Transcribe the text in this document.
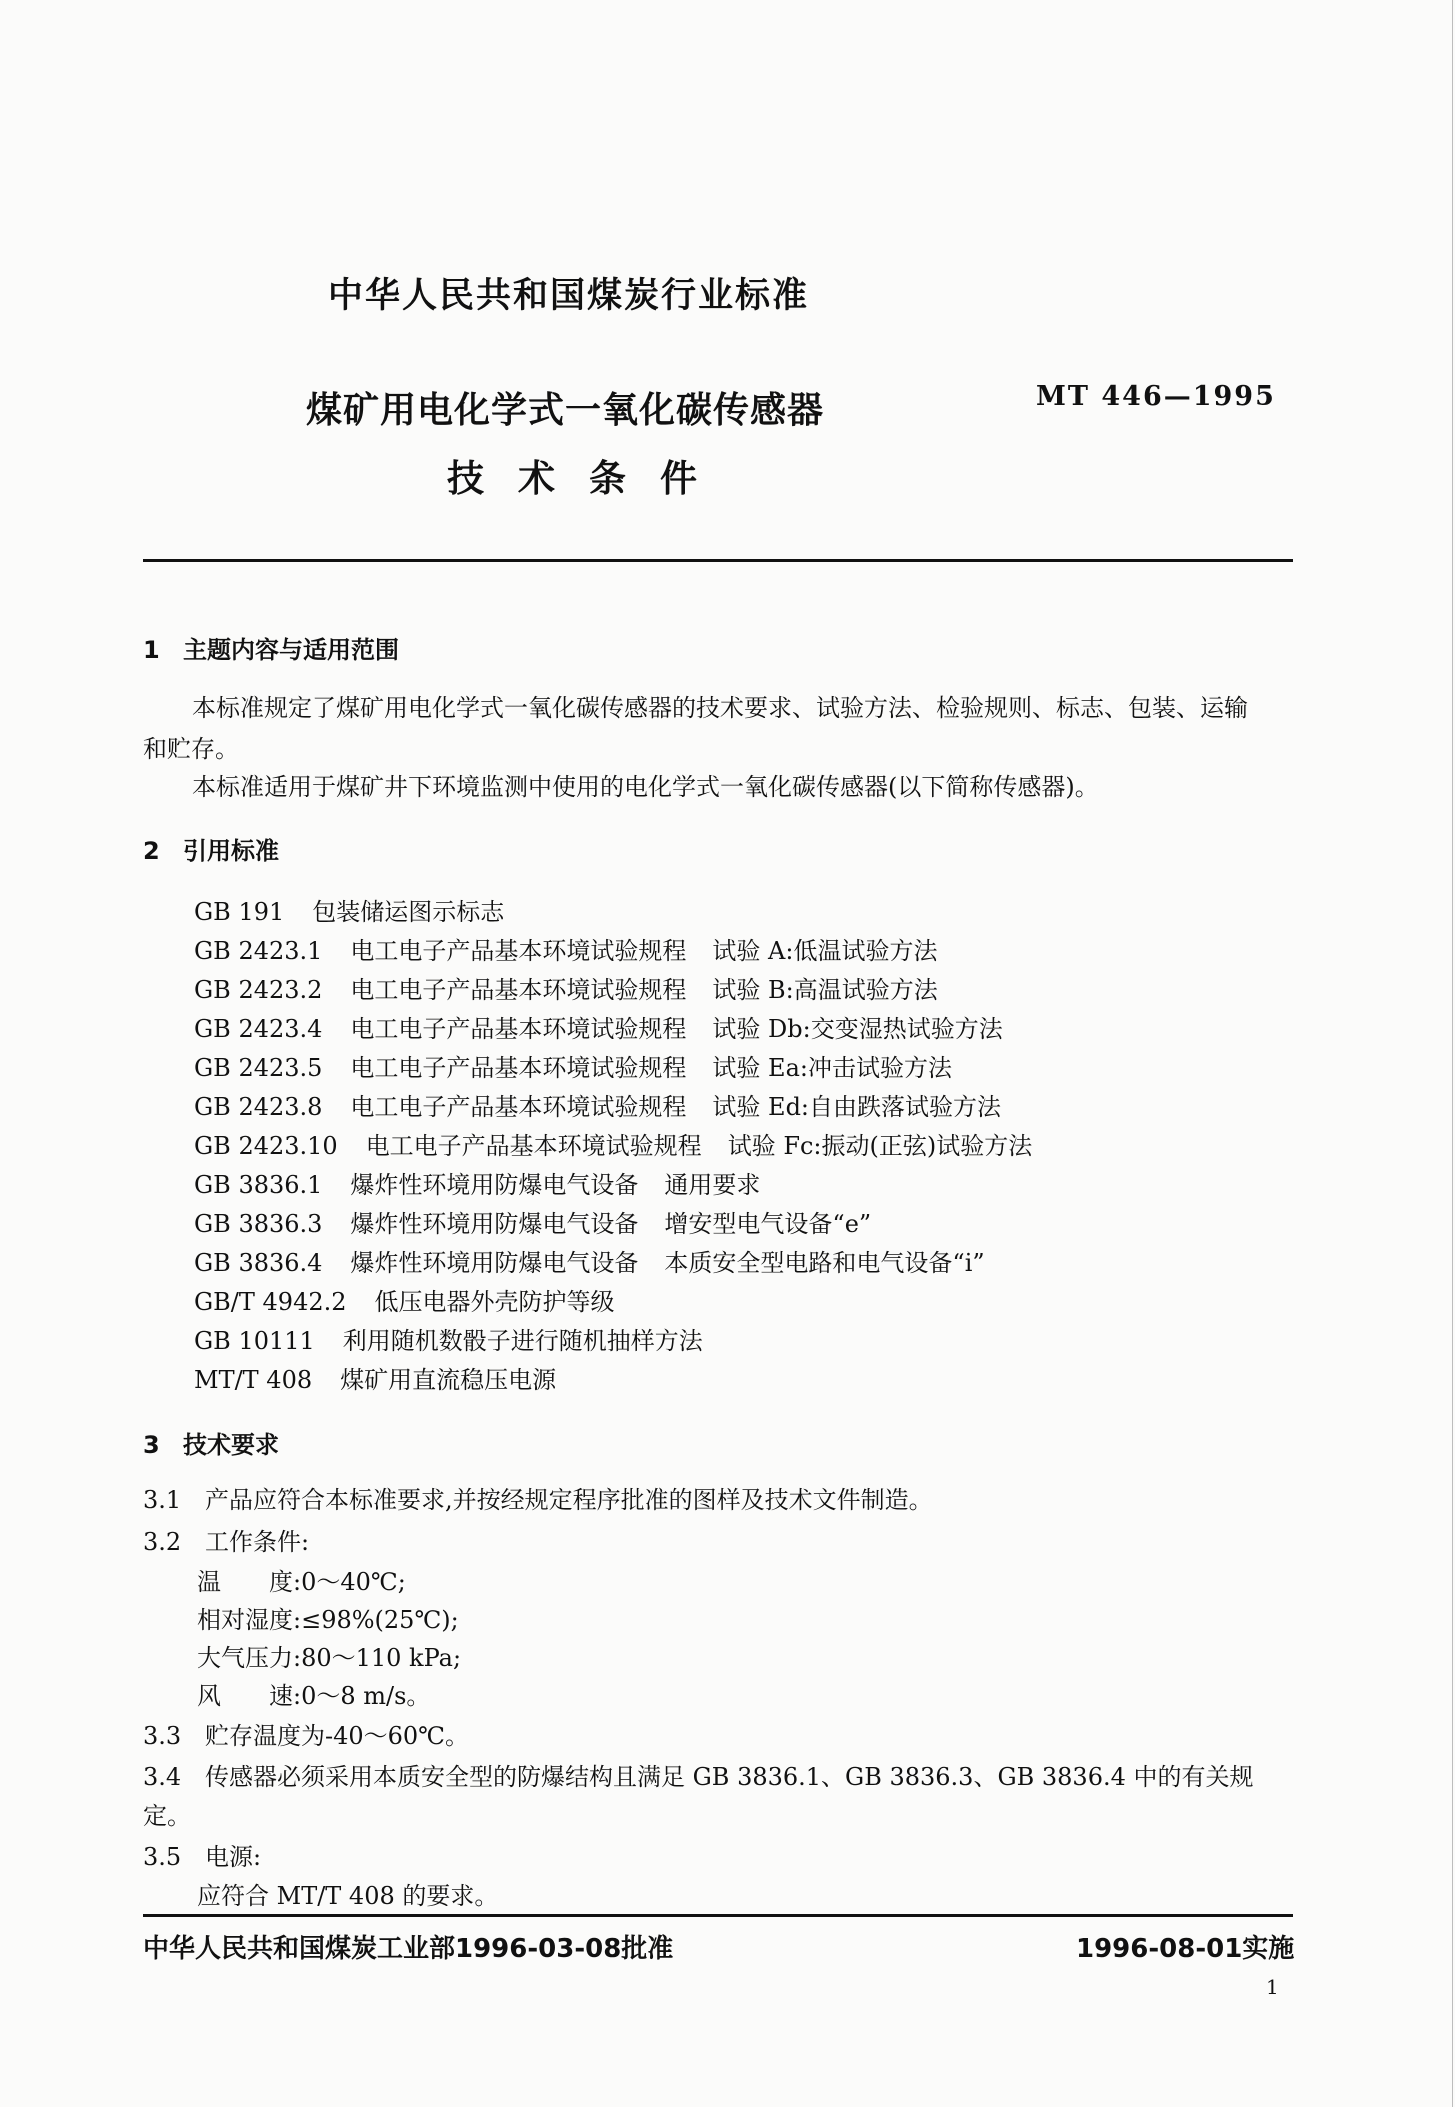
中华人民共和国煤炭行业标准
煤矿用电化学式一氧化碳传感器
技术条件
MT 446—1995
1 主题内容与适用范围
本标准规定了煤矿用电化学式一氧化碳传感器的技术要求、试验方法、检验规则、标志、包装、运输
和贮存。
本标准适用于煤矿井下环境监测中使用的电化学式一氧化碳传感器(以下简称传感器)。
2 引用标准
GB 191 包装储运图示标志
GB 2423.1 电工电子产品基本环境试验规程 试验 A:低温试验方法
GB 2423.2 电工电子产品基本环境试验规程 试验 B:高温试验方法
GB 2423.4 电工电子产品基本环境试验规程 试验 Db:交变湿热试验方法
GB 2423.5 电工电子产品基本环境试验规程 试验 Ea:冲击试验方法
GB 2423.8 电工电子产品基本环境试验规程 试验 Ed:自由跌落试验方法
GB 2423.10 电工电子产品基本环境试验规程 试验 Fc:振动(正弦)试验方法
GB 3836.1 爆炸性环境用防爆电气设备 通用要求
GB 3836.3 爆炸性环境用防爆电气设备 增安型电气设备“e”
GB 3836.4 爆炸性环境用防爆电气设备 本质安全型电路和电气设备“i”
GB/T 4942.2 低压电器外壳防护等级
GB 10111 利用随机数骰子进行随机抽样方法
MT/T 408 煤矿用直流稳压电源
3 技术要求
3.1 产品应符合本标准要求,并按经规定程序批准的图样及技术文件制造。
3.2 工作条件:
温　　度:0～40℃;
相对湿度:≤98%(25℃);
大气压力:80～110 kPa;
风　　速:0～8 m/s。
3.3 贮存温度为-40～60℃。
3.4 传感器必须采用本质安全型的防爆结构且满足 GB 3836.1、GB 3836.3、GB 3836.4 中的有关规
定。
3.5 电源:
应符合 MT/T 408 的要求。
中华人民共和国煤炭工业部1996-03-08批准	1996-08-01实施
1
